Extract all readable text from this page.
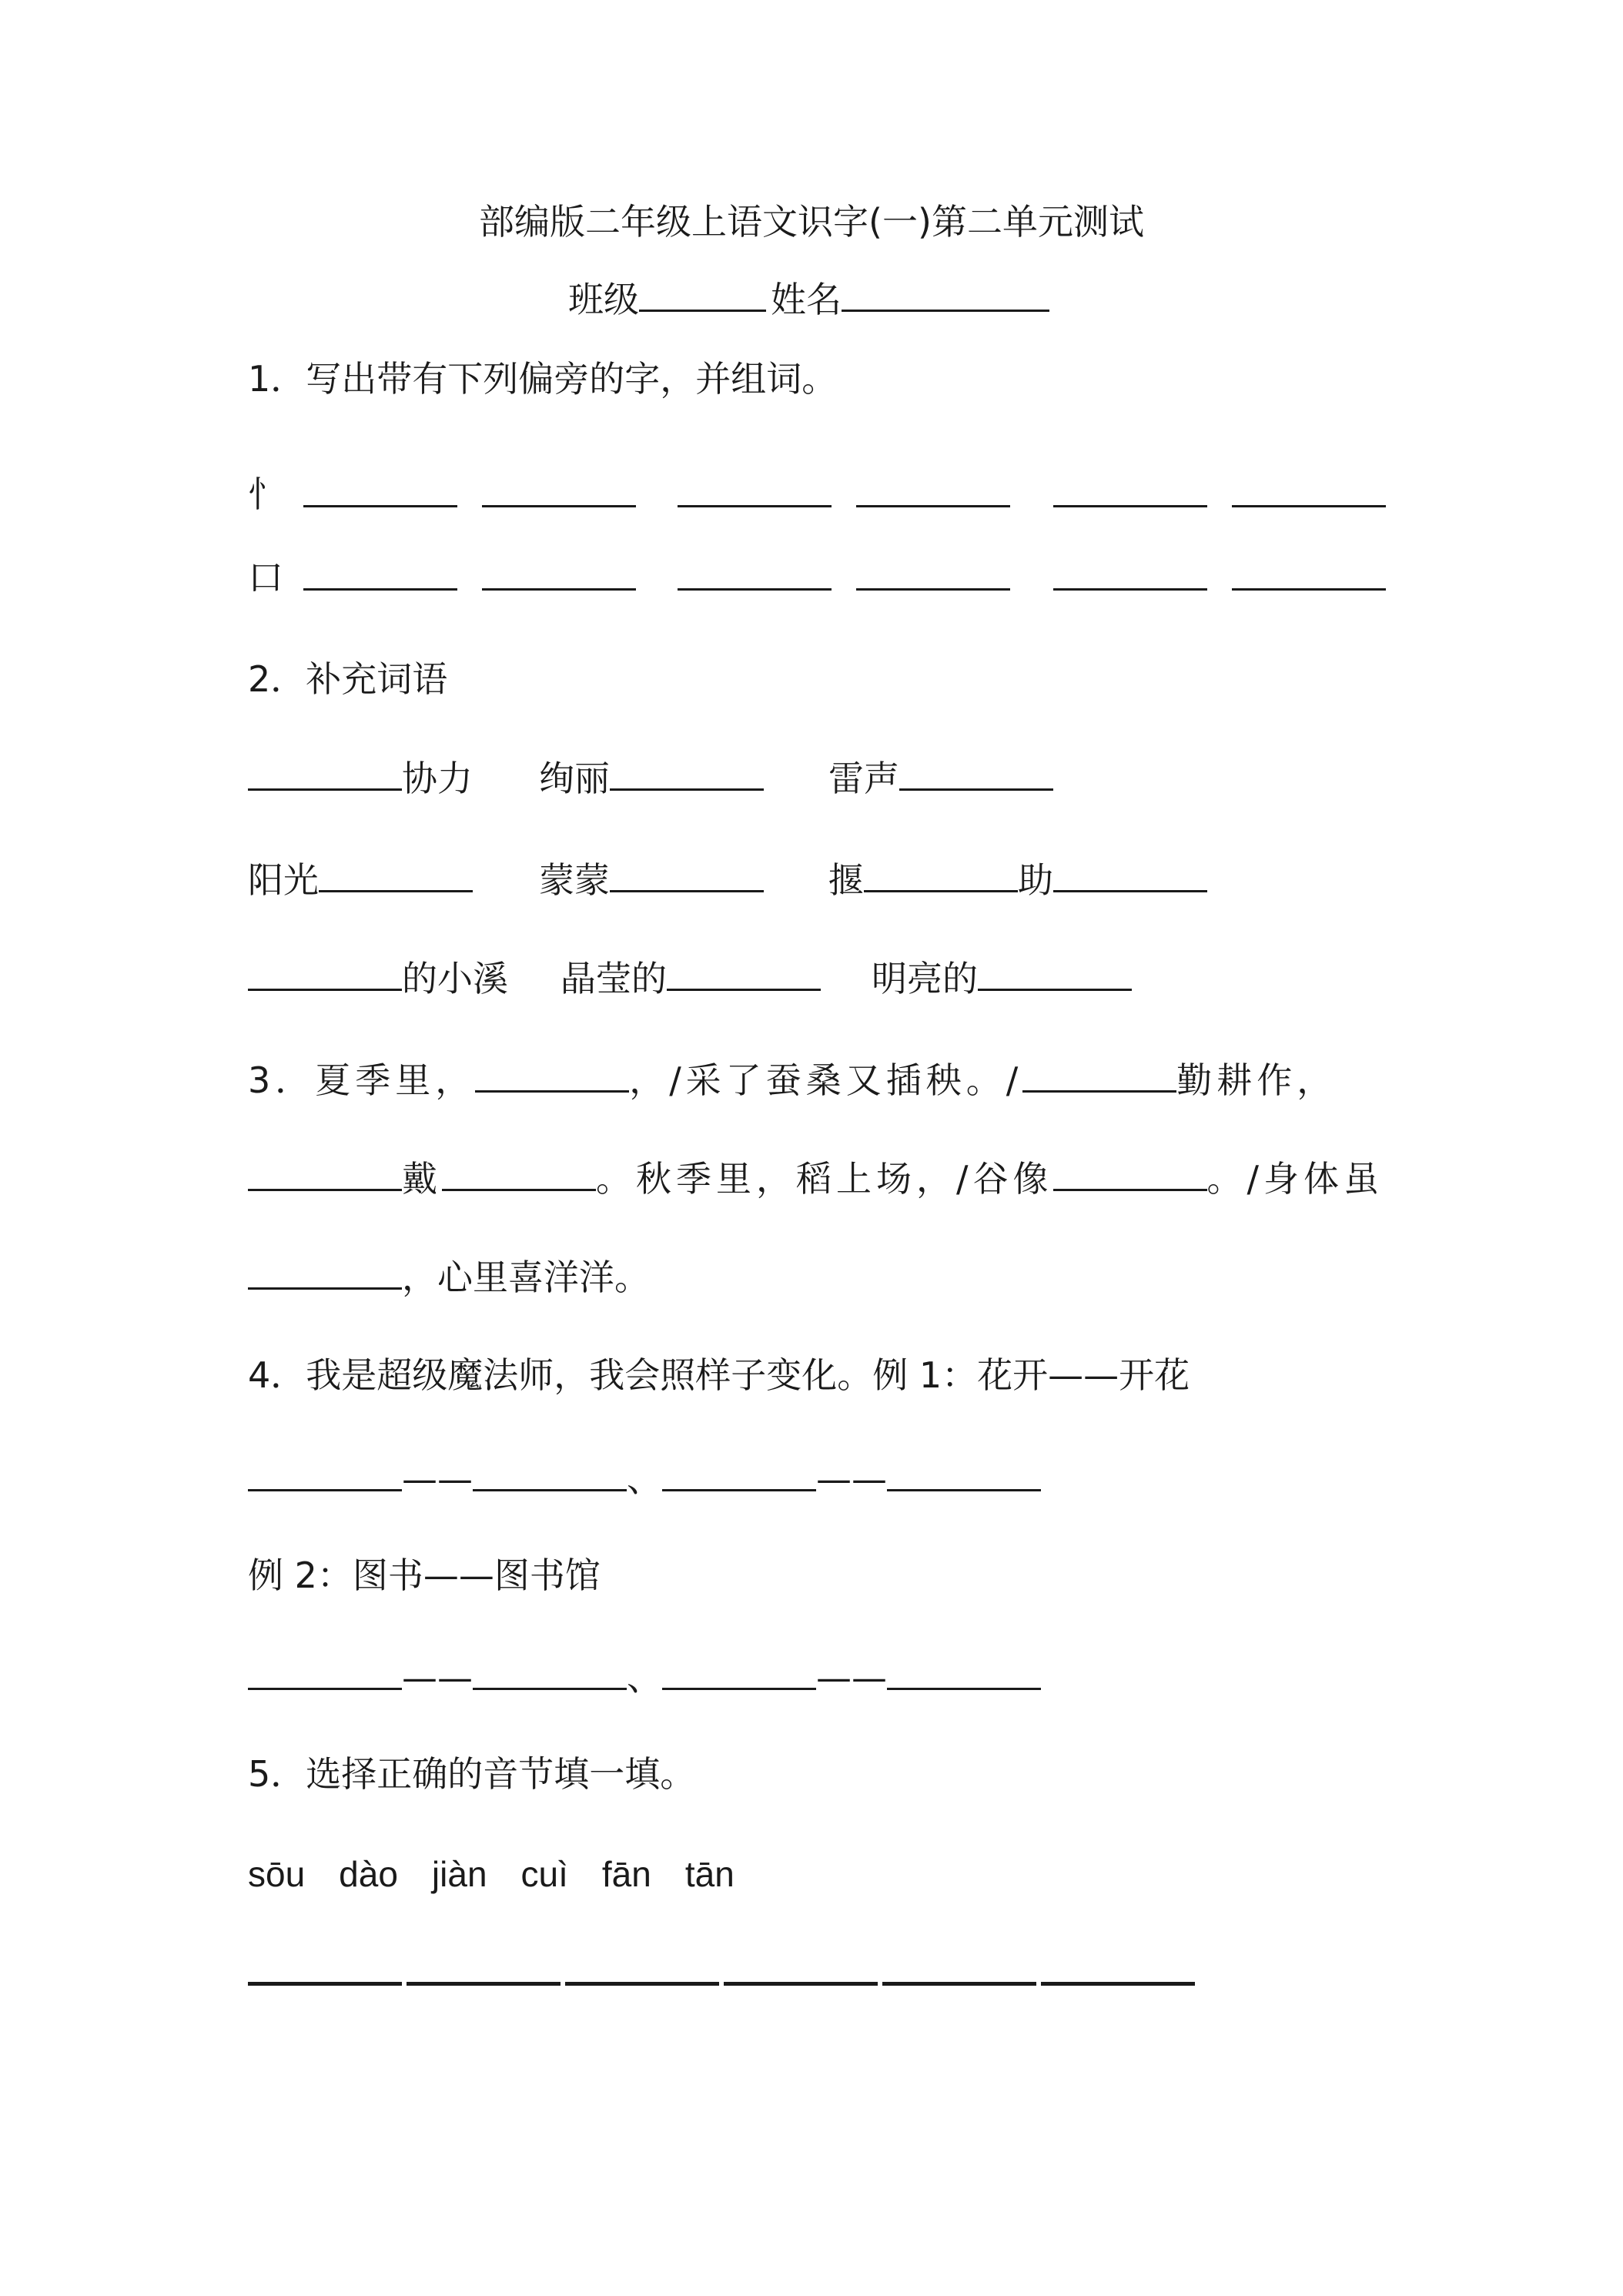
部编版二年级上语文识字(一)第二单元测试
班级	姓名
1．写出带有下列偏旁的字，并组词。
忄
口
2．补充词语
协力 绚丽	雷声
阳光	蒙蒙	揠	助
的小溪 晶莹的	明亮的
3．夏季里，	，/采了蚕桑又插秧。/	勤耕作，
戴	。秋季里，稻上场，/谷像	。/身体虽
，心里喜洋洋。
4．我是超级魔法师，我会照样子变化。例 1：花开——开花
——	、	——
例 2：图书——图书馆
——	、	——
5．选择正确的音节填一填。
sōu dào jiàn cuì fān tān
